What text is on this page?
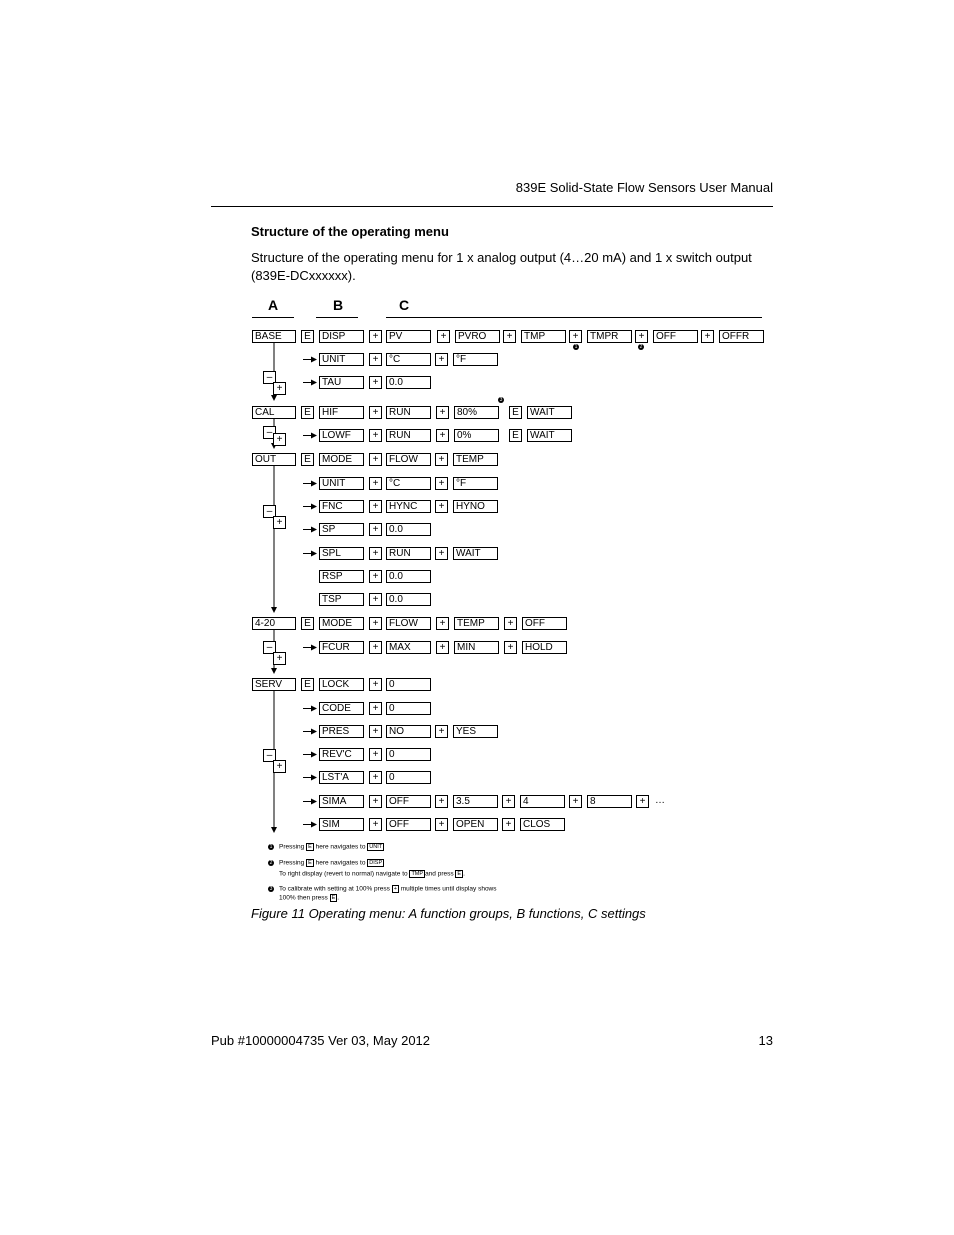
839E Solid-State Flow Sensors User Manual
Structure of the operating menu
Structure of the operating menu for 1 x analog output (4…20 mA) and 1 x switch output (839E-DCxxxxxx).
A	B	C
BASE	E	DISP	+	PV	+	PVRO	+	TMP	+	TMPR	+	OFF	+	OFFR
UNIT	+	°C	+	°F
TAU	+	0.0
CAL	E	HIF	+	RUN	+	80%	E	WAIT
LOWF	+	RUN	+	0%	E	WAIT
OUT	E	MODE	+	FLOW	+	TEMP
UNIT	+	°C	+	°F
FNC	+	HYNC	+	HYNO
SP	+	0.0
SPL	+	RUN	+	WAIT
RSP	+	0.0
TSP	+	0.0
4-20	E	MODE	+	FLOW	+	TEMP	+	OFF
FCUR	+	MAX	+	MIN	+	HOLD
SERV	E	LOCK	+	0
CODE	+	0
PRES	+	NO	+	YES
REV'C	+	0
LST'A	+	0
SIMA	+	OFF	+	3.5	+	4	+	8	+
SIM	+	OFF	+	OPEN	+	CLOS
–
+
–
+
–
+
–
+
–
+
1	2
3
…
1 Pressing E here navigates to UNIT
2 Pressing E here navigates to DISP
To right display (revert to normal) navigate to TMP and press E .
3 To calibrate with setting at 100% press + multiple times until display shows
100% then press E .
Figure 11 Operating menu: A function groups, B functions, C settings
Pub #10000004735 Ver 03, May 2012	13
